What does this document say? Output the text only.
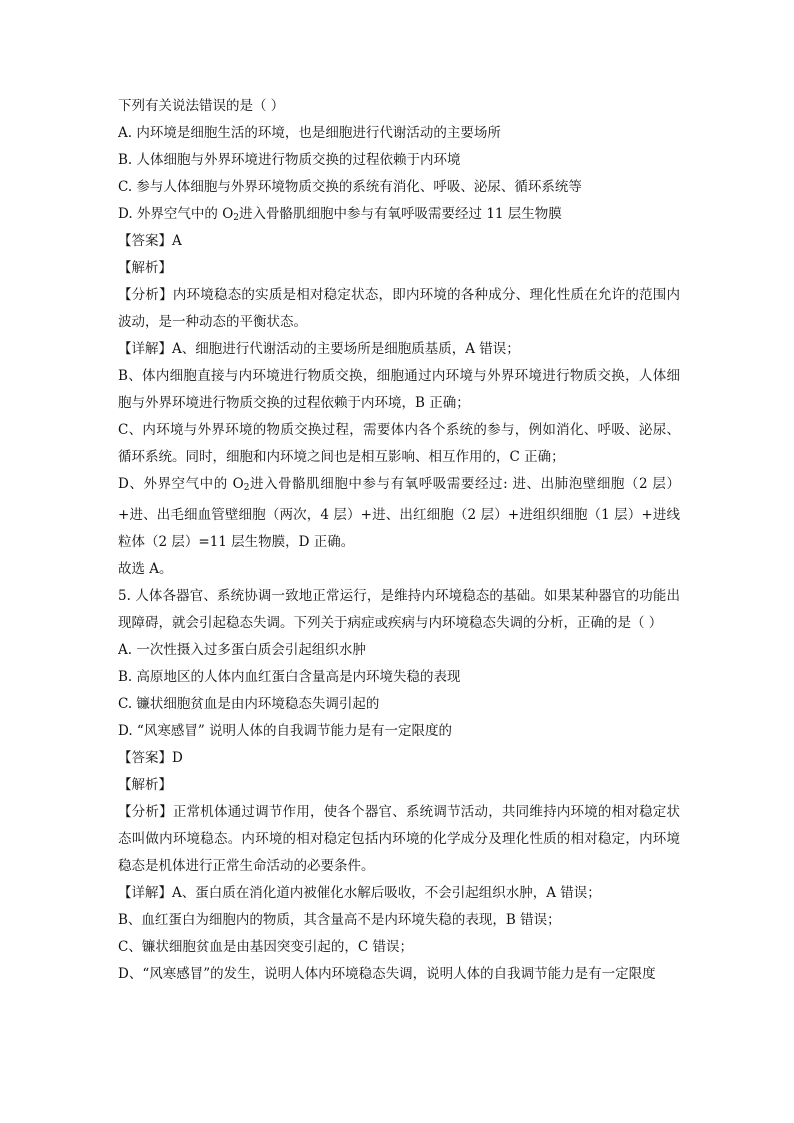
下列有关说法错误的是（ ）

A. 内环境是细胞生活的环境，也是细胞进行代谢活动的主要场所

B. 人体细胞与外界环境进行物质交换的过程依赖于内环境

C. 参与人体细胞与外界环境物质交换的系统有消化、呼吸、泌尿、循环系统等

D. 外界空气中的 $O_2$进入骨骼肌细胞中参与有氧呼吸需要经过 11 层生物膜

【答案】A

【解析】

【分析】内环境稳态的实质是相对稳定状态，即内环境的各种成分、理化性质在允许的范围内波动，是一种动态的平衡状态。

【详解】A、细胞进行代谢活动的主要场所是细胞质基质，A 错误；

B、体内细胞直接与内环境进行物质交换，细胞通过内环境与外界环境进行物质交换，人体细胞与外界环境进行物质交换的过程依赖于内环境，B 正确；

C、内环境与外界环境的物质交换过程，需要体内各个系统的参与，例如消化、呼吸、泌尿、循环系统。同时，细胞和内环境之间也是相互影响、相互作用的，C 正确；

D、外界空气中的 $O_2$进入骨骼肌细胞中参与有氧呼吸需要经过: 进、出肺泡壁细胞（2 层）+进、出毛细血管壁细胞（两次，4 层）+进、出红细胞（2 层）+进组织细胞（1 层）+进线粒体（2 层）=11 层生物膜，D 正确。

故选 A。

5. 人体各器官、系统协调一致地正常运行，是维持内环境稳态的基础。如果某种器官的功能出现障碍，就会引起稳态失调。下列关于病症或疾病与内环境稳态失调的分析，正确的是（ ）

A. 一次性摄入过多蛋白质会引起组织水肿

B. 高原地区的人体内血红蛋白含量高是内环境失稳的表现

C. 镰状细胞贫血是由内环境稳态失调引起的

D. “风寒感冒” 说明人体的自我调节能力是有一定限度的

【答案】D

【解析】

【分析】正常机体通过调节作用，使各个器官、系统调节活动，共同维持内环境的相对稳定状态叫做内环境稳态。内环境的相对稳定包括内环境的化学成分及理化性质的相对稳定，内环境稳态是机体进行正常生命活动的必要条件。

【详解】A、蛋白质在消化道内被催化水解后吸收，不会引起组织水肿，A 错误；

B、血红蛋白为细胞内的物质，其含量高不是内环境失稳的表现，B 错误；

C、镰状细胞贫血是由基因突变引起的，C 错误；

D、“风寒感冒”的发生，说明人体内环境稳态失调，说明人体的自我调节能力是有一定限度
